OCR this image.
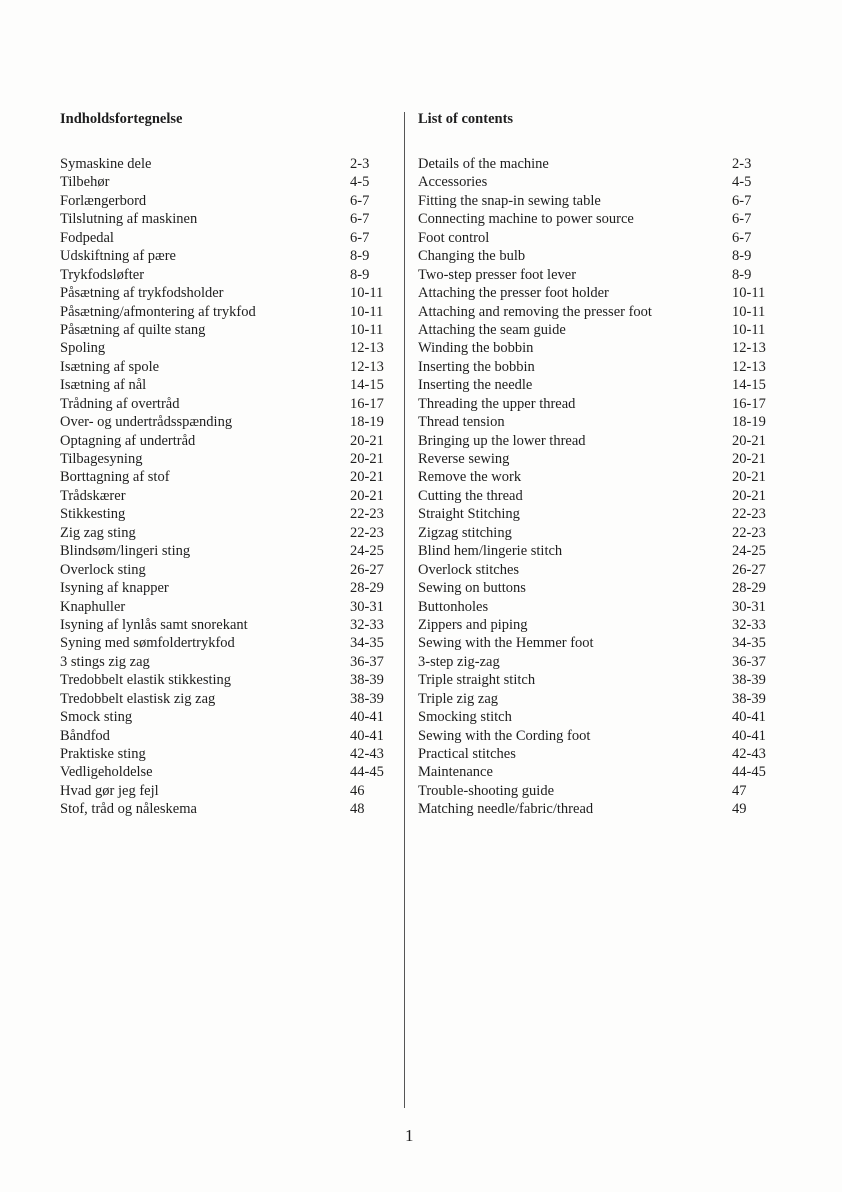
Indholdsfortegnelse
Symaskine dele	2-3
Tilbehør	4-5
Forlængerbord	6-7
Tilslutning af maskinen	6-7
Fodpedal	6-7
Udskiftning af pære	8-9
Trykfodsløfter	8-9
Påsætning af trykfodsholder	10-11
Påsætning/afmontering af trykfod	10-11
Påsætning af quilte stang	10-11
Spoling	12-13
Isætning af spole	12-13
Isætning af nål	14-15
Trådning af overtråd	16-17
Over- og undertrådsspænding	18-19
Optagning af undertråd	20-21
Tilbagesyning	20-21
Borttagning af stof	20-21
Trådskærer	20-21
Stikkesting	22-23
Zig zag sting	22-23
Blindsøm/lingeri sting	24-25
Overlock sting	26-27
Isyning af knapper	28-29
Knaphuller	30-31
Isyning af lynlås samt snorekant	32-33
Syning med sømfoldertrykfod	34-35
3 stings zig zag	36-37
Tredobbelt elastik stikkesting	38-39
Tredobbelt elastisk zig zag	38-39
Smock sting	40-41
Båndfod	40-41
Praktiske sting	42-43
Vedligeholdelse	44-45
Hvad gør jeg fejl	46
Stof, tråd og nåleskema	48
List of contents
Details of the machine	2-3
Accessories	4-5
Fitting the snap-in sewing table	6-7
Connecting machine to power source	6-7
Foot control	6-7
Changing the bulb	8-9
Two-step presser foot lever	8-9
Attaching the presser foot holder	10-11
Attaching and removing the presser foot	10-11
Attaching the seam guide	10-11
Winding the bobbin	12-13
Inserting the bobbin	12-13
Inserting the needle	14-15
Threading the upper thread	16-17
Thread tension	18-19
Bringing up the lower thread	20-21
Reverse sewing	20-21
Remove the work	20-21
Cutting the thread	20-21
Straight Stitching	22-23
Zigzag stitching	22-23
Blind hem/lingerie stitch	24-25
Overlock stitches	26-27
Sewing on buttons	28-29
Buttonholes	30-31
Zippers and piping	32-33
Sewing with the Hemmer foot	34-35
3-step zig-zag	36-37
Triple straight stitch	38-39
Triple zig zag	38-39
Smocking stitch	40-41
Sewing with the Cording foot	40-41
Practical stitches	42-43
Maintenance	44-45
Trouble-shooting guide	47
Matching needle/fabric/thread	49
1
